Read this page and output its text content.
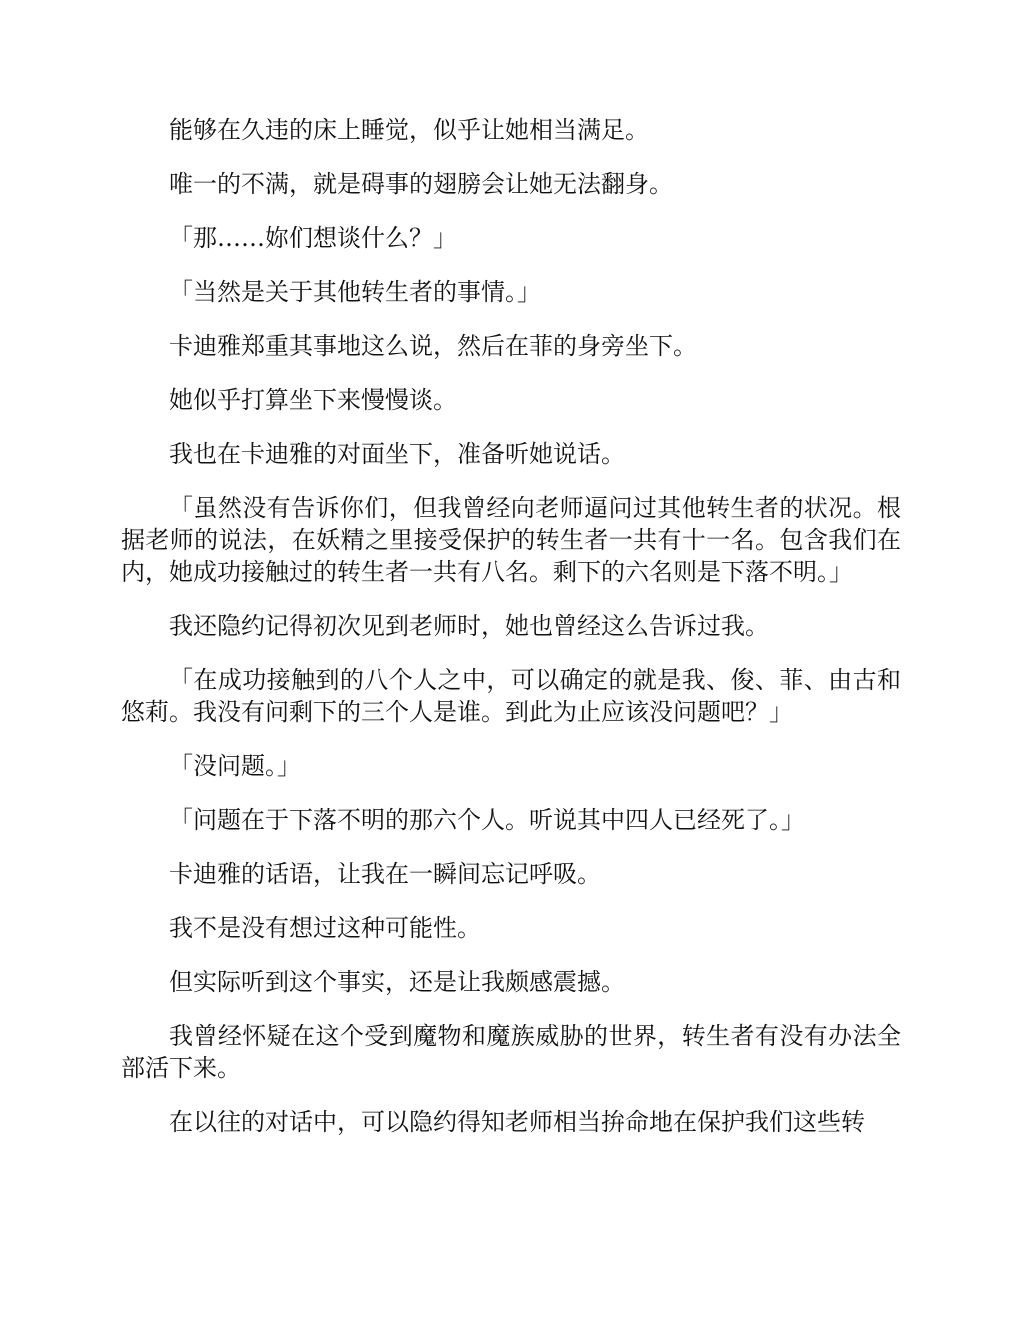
能够在久违的床上睡觉，似乎让她相当满足。

唯一的不满，就是碍事的翅膀会让她无法翻身。

「那……妳们想谈什么？」

「当然是关于其他转生者的事情。」

卡迪雅郑重其事地这么说，然后在菲的身旁坐下。

她似乎打算坐下来慢慢谈。

我也在卡迪雅的对面坐下，准备听她说话。

「虽然没有告诉你们，但我曾经向老师逼问过其他转生者的状况。根据老师的说法，在妖精之里接受保护的转生者一共有十一名。包含我们在内，她成功接触过的转生者一共有八名。剩下的六名则是下落不明。」

我还隐约记得初次见到老师时，她也曾经这么告诉过我。

「在成功接触到的八个人之中，可以确定的就是我、俊、菲、由古和悠莉。我没有问剩下的三个人是谁。到此为止应该没问题吧？」

「没问题。」

「问题在于下落不明的那六个人。听说其中四人已经死了。」

卡迪雅的话语，让我在一瞬间忘记呼吸。

我不是没有想过这种可能性。

但实际听到这个事实，还是让我颇感震撼。

我曾经怀疑在这个受到魔物和魔族威胁的世界，转生者有没有办法全部活下来。

在以往的对话中，可以隐约得知老师相当拚命地在保护我们这些转
